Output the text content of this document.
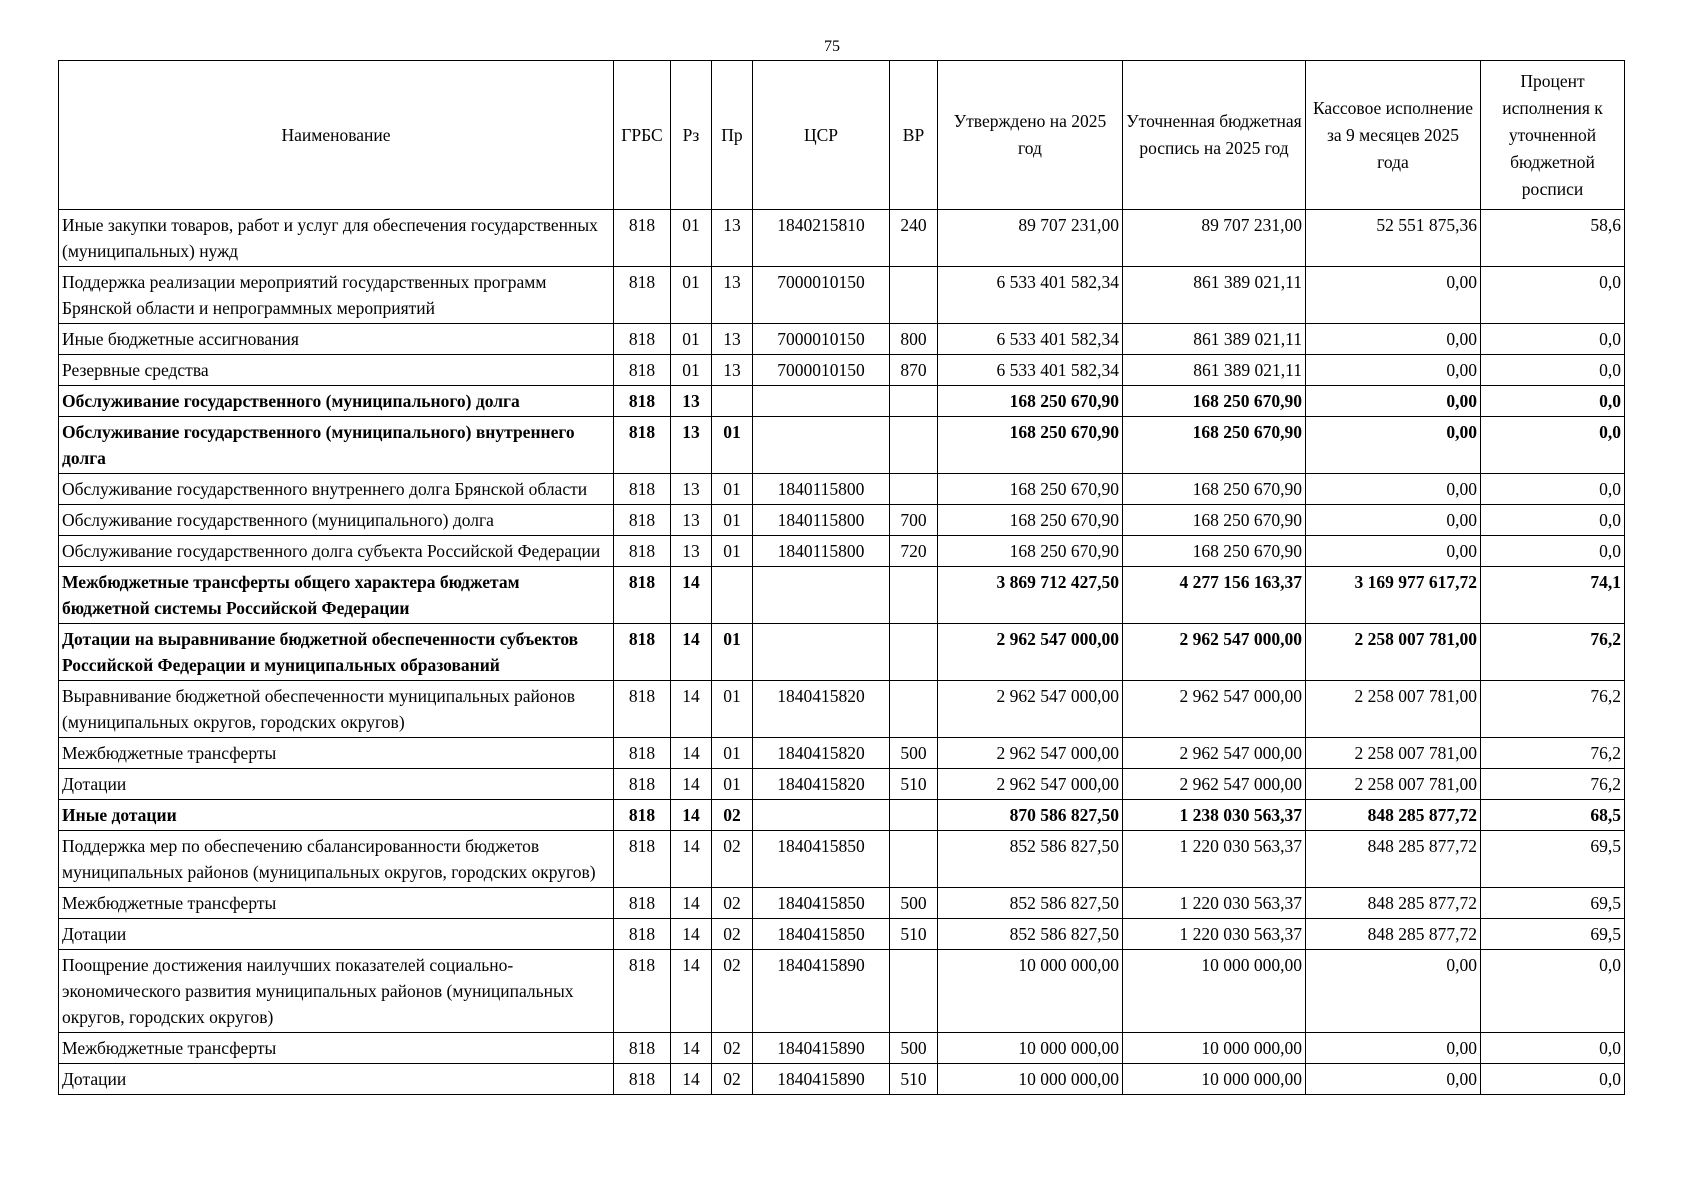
75
Наименование	ГРБС	Рз	Пр	ЦСР	ВР	Утверждено на 2025 год	Уточненная бюджетная роспись на 2025 год	Кассовое исполнение за 9 месяцев 2025 года	Процент исполнения к уточненной бюджетной росписи
Иные закупки товаров, работ и услуг для обеспечения государственных (муниципальных) нужд	818	01	13	1840215810	240	89 707 231,00	89 707 231,00	52 551 875,36	58,6
Поддержка реализации мероприятий государственных программ Брянской области и непрограммных мероприятий	818	01	13	7000010150		6 533 401 582,34	861 389 021,11	0,00	0,0
Иные бюджетные ассигнования	818	01	13	7000010150	800	6 533 401 582,34	861 389 021,11	0,00	0,0
Резервные средства	818	01	13	7000010150	870	6 533 401 582,34	861 389 021,11	0,00	0,0
Обслуживание государственного (муниципального) долга	818	13				168 250 670,90	168 250 670,90	0,00	0,0
Обслуживание государственного (муниципального) внутреннего долга	818	13	01			168 250 670,90	168 250 670,90	0,00	0,0
Обслуживание государственного внутреннего долга Брянской области	818	13	01	1840115800		168 250 670,90	168 250 670,90	0,00	0,0
Обслуживание государственного (муниципального) долга	818	13	01	1840115800	700	168 250 670,90	168 250 670,90	0,00	0,0
Обслуживание государственного долга субъекта Российской Федерации	818	13	01	1840115800	720	168 250 670,90	168 250 670,90	0,00	0,0
Межбюджетные трансферты общего характера бюджетам бюджетной системы Российской Федерации	818	14				3 869 712 427,50	4 277 156 163,37	3 169 977 617,72	74,1
Дотации на выравнивание бюджетной обеспеченности субъектов Российской Федерации и муниципальных образований	818	14	01			2 962 547 000,00	2 962 547 000,00	2 258 007 781,00	76,2
Выравнивание бюджетной обеспеченности муниципальных районов (муниципальных округов, городских округов)	818	14	01	1840415820		2 962 547 000,00	2 962 547 000,00	2 258 007 781,00	76,2
Межбюджетные трансферты	818	14	01	1840415820	500	2 962 547 000,00	2 962 547 000,00	2 258 007 781,00	76,2
Дотации	818	14	01	1840415820	510	2 962 547 000,00	2 962 547 000,00	2 258 007 781,00	76,2
Иные дотации	818	14	02			870 586 827,50	1 238 030 563,37	848 285 877,72	68,5
Поддержка мер по обеспечению сбалансированности бюджетов муниципальных районов (муниципальных округов, городских округов)	818	14	02	1840415850		852 586 827,50	1 220 030 563,37	848 285 877,72	69,5
Межбюджетные трансферты	818	14	02	1840415850	500	852 586 827,50	1 220 030 563,37	848 285 877,72	69,5
Дотации	818	14	02	1840415850	510	852 586 827,50	1 220 030 563,37	848 285 877,72	69,5
Поощрение достижения наилучших показателей социально-экономического развития муниципальных районов (муниципальных округов, городских округов)	818	14	02	1840415890		10 000 000,00	10 000 000,00	0,00	0,0
Межбюджетные трансферты	818	14	02	1840415890	500	10 000 000,00	10 000 000,00	0,00	0,0
Дотации	818	14	02	1840415890	510	10 000 000,00	10 000 000,00	0,00	0,0
